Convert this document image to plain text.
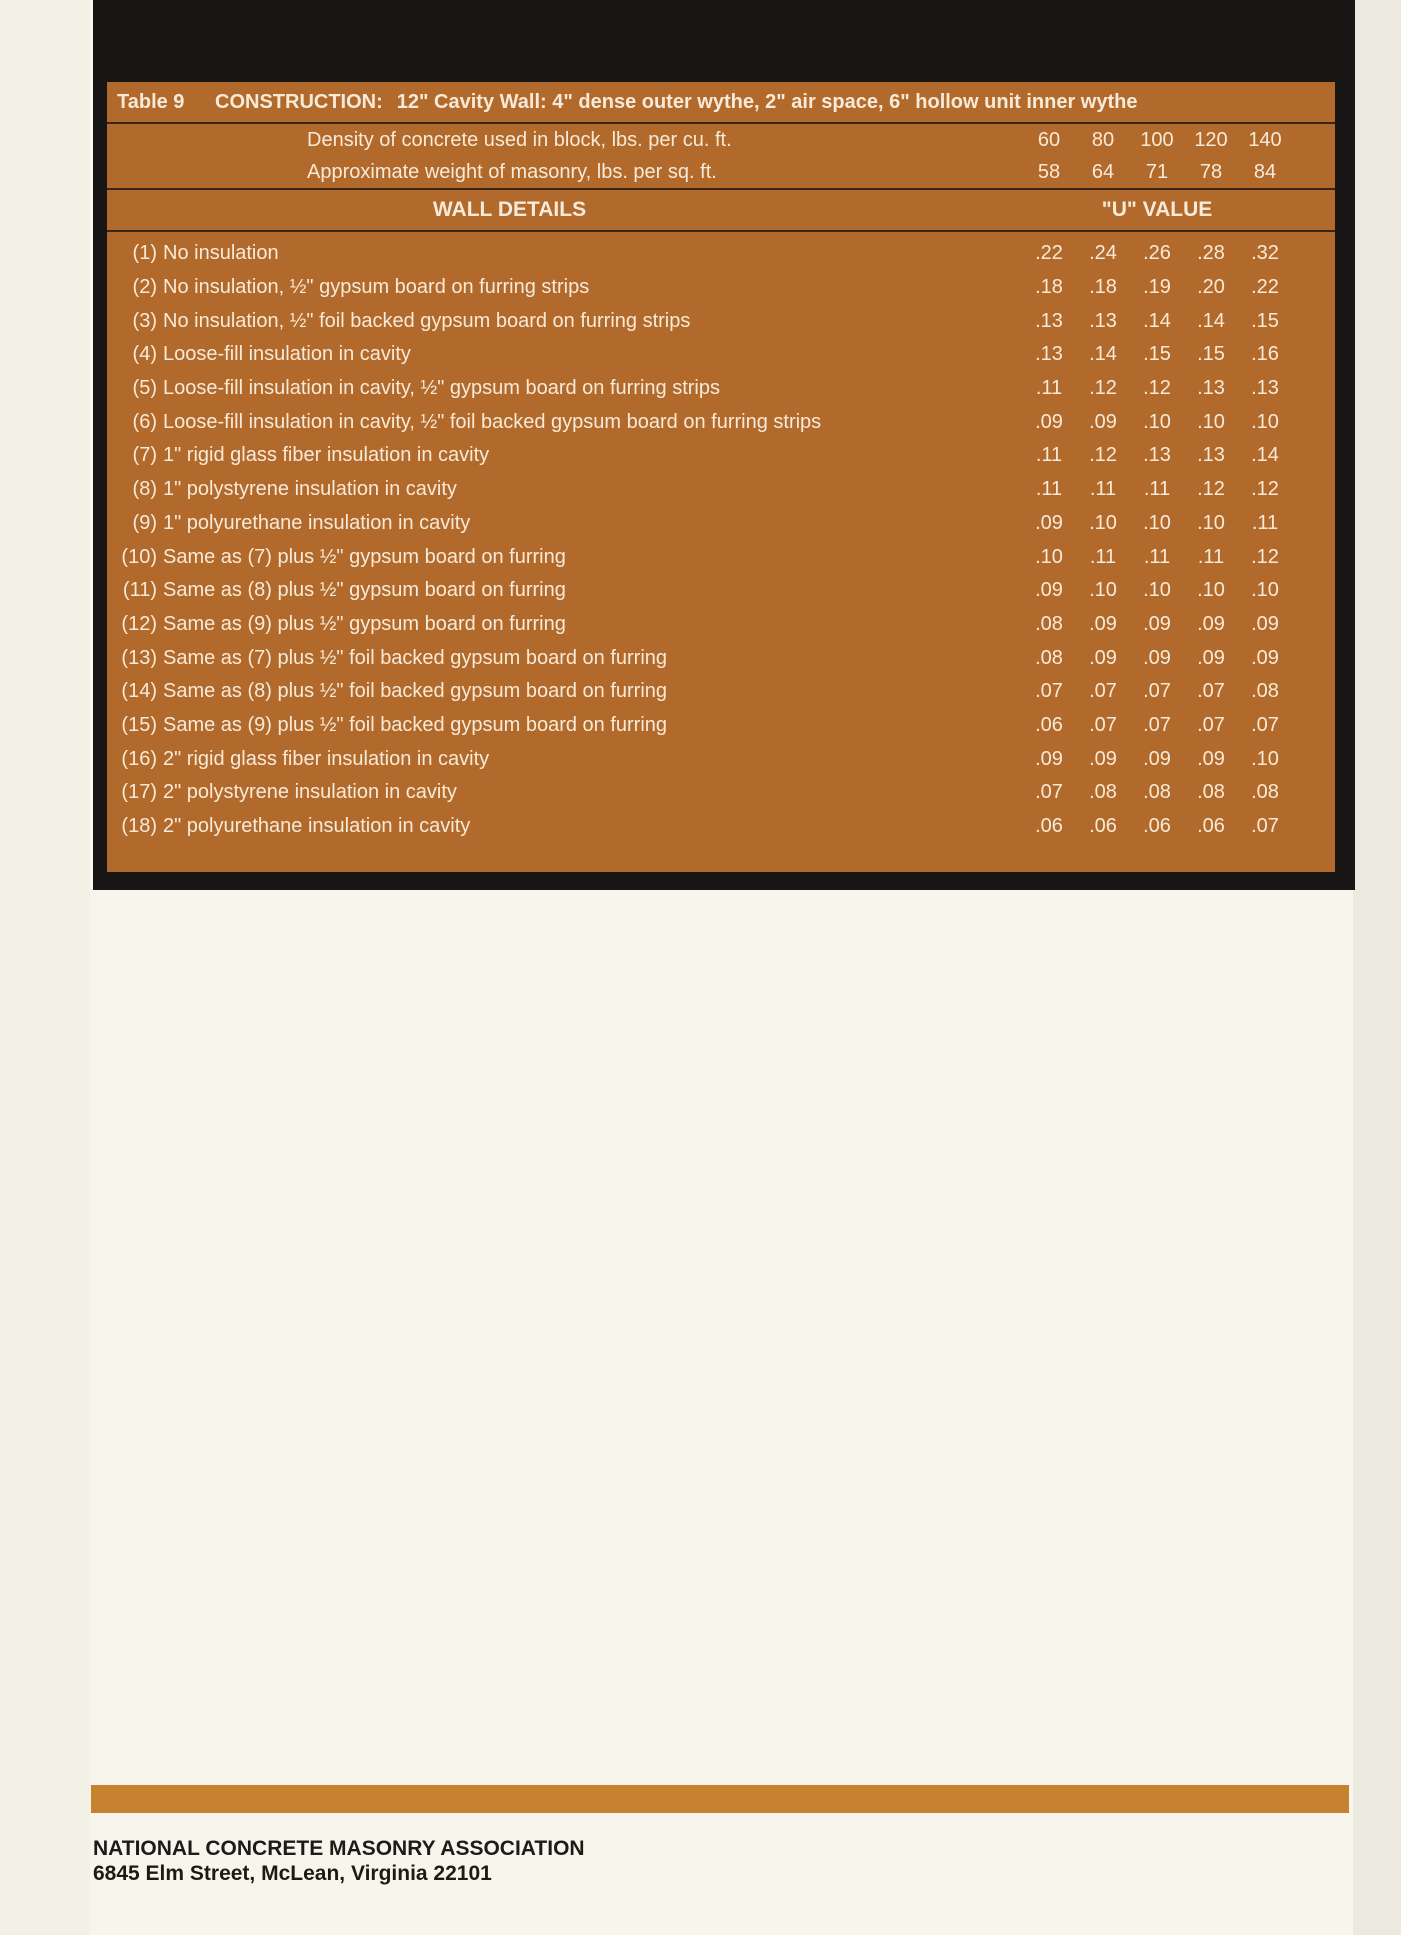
Table 9	CONSTRUCTION: 12" Cavity Wall: 4" dense outer wythe, 2" air space, 6" hollow unit inner wythe
Density of concrete used in block, lbs. per cu. ft.	60	80	100	120	140
Approximate weight of masonry, lbs. per sq. ft.	58	64	71	78	84
WALL DETAILS	"U" VALUE
(1) No insulation	.22	.24	.26	.28	.32
(2) No insulation, ½" gypsum board on furring strips	.18	.18	.19	.20	.22
(3) No insulation, ½" foil backed gypsum board on furring strips	.13	.13	.14	.14	.15
(4) Loose-fill insulation in cavity	.13	.14	.15	.15	.16
(5) Loose-fill insulation in cavity, ½" gypsum board on furring strips	.11	.12	.12	.13	.13
(6) Loose-fill insulation in cavity, ½" foil backed gypsum board on furring strips	.09	.09	.10	.10	.10
(7) 1" rigid glass fiber insulation in cavity	.11	.12	.13	.13	.14
(8) 1" polystyrene insulation in cavity	.11	.11	.11	.12	.12
(9) 1" polyurethane insulation in cavity	.09	.10	.10	.10	.11
(10) Same as (7) plus ½" gypsum board on furring	.10	.11	.11	.11	.12
(11) Same as (8) plus ½" gypsum board on furring	.09	.10	.10	.10	.10
(12) Same as (9) plus ½" gypsum board on furring	.08	.09	.09	.09	.09
(13) Same as (7) plus ½" foil backed gypsum board on furring	.08	.09	.09	.09	.09
(14) Same as (8) plus ½" foil backed gypsum board on furring	.07	.07	.07	.07	.08
(15) Same as (9) plus ½" foil backed gypsum board on furring	.06	.07	.07	.07	.07
(16) 2" rigid glass fiber insulation in cavity	.09	.09	.09	.09	.10
(17) 2" polystyrene insulation in cavity	.07	.08	.08	.08	.08
(18) 2" polyurethane insulation in cavity	.06	.06	.06	.06	.07
NATIONAL CONCRETE MASONRY ASSOCIATION
6845 Elm Street, McLean, Virginia 22101
